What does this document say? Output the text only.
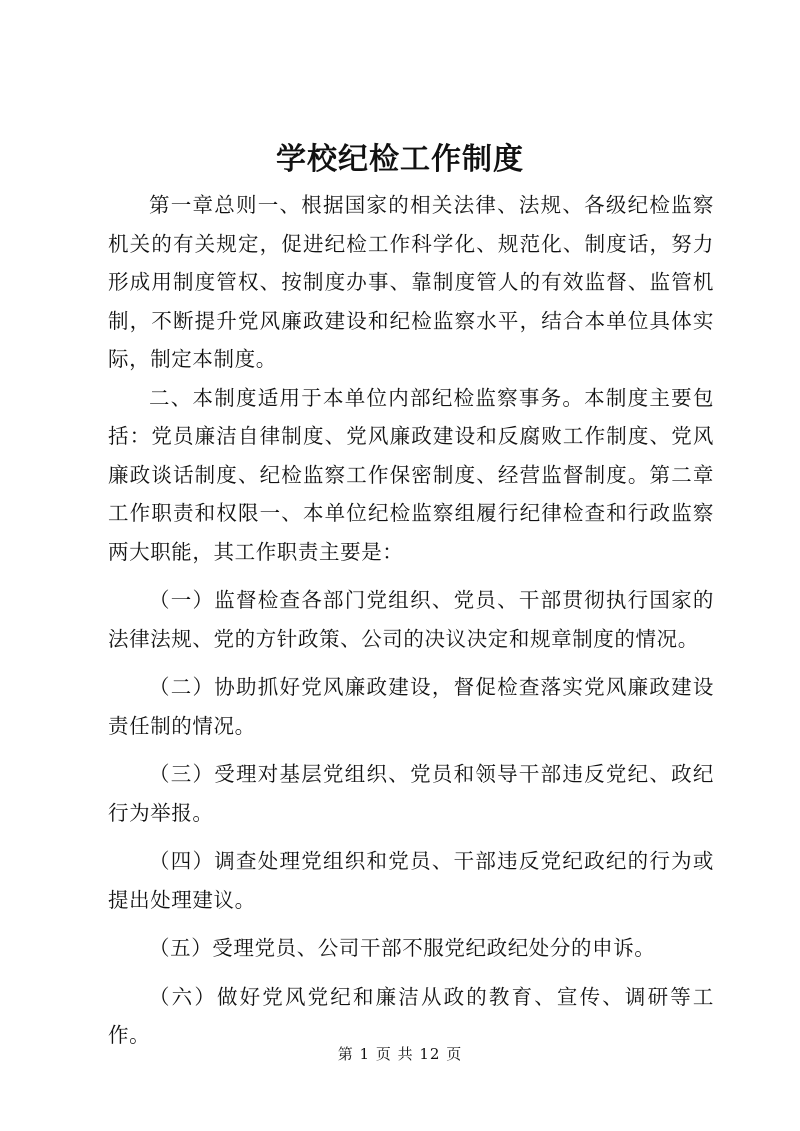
学校纪检工作制度

第一章总则一、根据国家的相关法律、法规、各级纪检监察机关的有关规定，促进纪检工作科学化、规范化、制度话，努力形成用制度管权、按制度办事、靠制度管人的有效监督、监管机制，不断提升党风廉政建设和纪检监察水平，结合本单位具体实际，制定本制度。

二、本制度适用于本单位内部纪检监察事务。本制度主要包括：党员廉洁自律制度、党风廉政建设和反腐败工作制度、党风廉政谈话制度、纪检监察工作保密制度、经营监督制度。第二章工作职责和权限一、本单位纪检监察组履行纪律检查和行政监察两大职能，其工作职责主要是：

（一）监督检查各部门党组织、党员、干部贯彻执行国家的法律法规、党的方针政策、公司的决议决定和规章制度的情况。

（二）协助抓好党风廉政建设，督促检查落实党风廉政建设责任制的情况。

（三）受理对基层党组织、党员和领导干部违反党纪、政纪行为举报。

（四）调查处理党组织和党员、干部违反党纪政纪的行为或提出处理建议。

（五）受理党员、公司干部不服党纪政纪处分的申诉。

（六）做好党风党纪和廉洁从政的教育、宣传、调研等工作。

第 1 页 共 12 页
